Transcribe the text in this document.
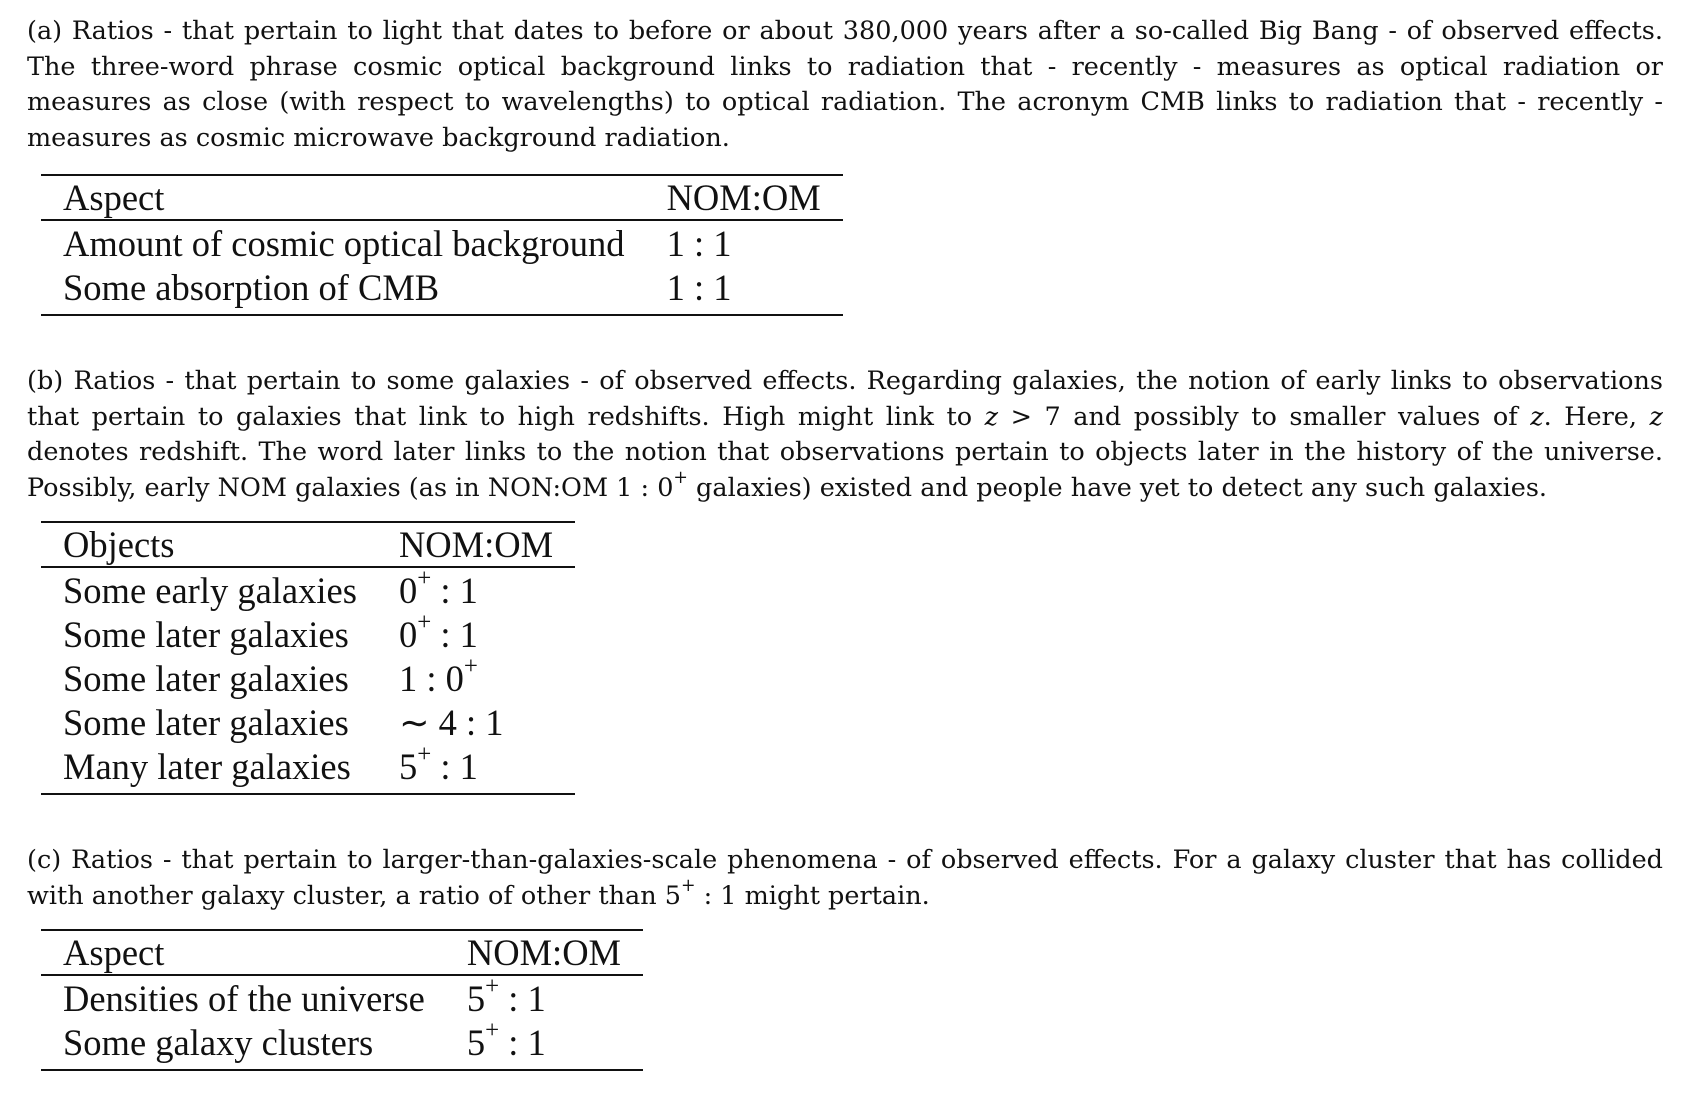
(a) Ratios - that pertain to light that dates to before or about 380,000 years after a so-called Big Bang - of observed effects. The three-word phrase cosmic optical background links to radiation that - recently - measures as optical radiation or measures as close (with respect to wavelengths) to optical radiation. The acronym CMB links to radiation that - recently - measures as cosmic microwave background radiation.

Aspect	NOM:OM
Amount of cosmic optical background	1 : 1
Some absorption of CMB	1 : 1

(b) Ratios - that pertain to some galaxies - of observed effects. Regarding galaxies, the notion of early links to observations that pertain to galaxies that link to high redshifts. High might link to z > 7 and possibly to smaller values of z. Here, z denotes redshift. The word later links to the notion that observations pertain to objects later in the history of the universe. Possibly, early NOM galaxies (as in NON:OM 1 : 0+ galaxies) existed and people have yet to detect any such galaxies.

Objects	NOM:OM
Some early galaxies	0+ : 1
Some later galaxies	0+ : 1
Some later galaxies	1 : 0+
Some later galaxies	∼ 4 : 1
Many later galaxies	5+ : 1

(c) Ratios - that pertain to larger-than-galaxies-scale phenomena - of observed effects. For a galaxy cluster that has collided with another galaxy cluster, a ratio of other than 5+ : 1 might pertain.

Aspect	NOM:OM
Densities of the universe	5+ : 1
Some galaxy clusters	5+ : 1
